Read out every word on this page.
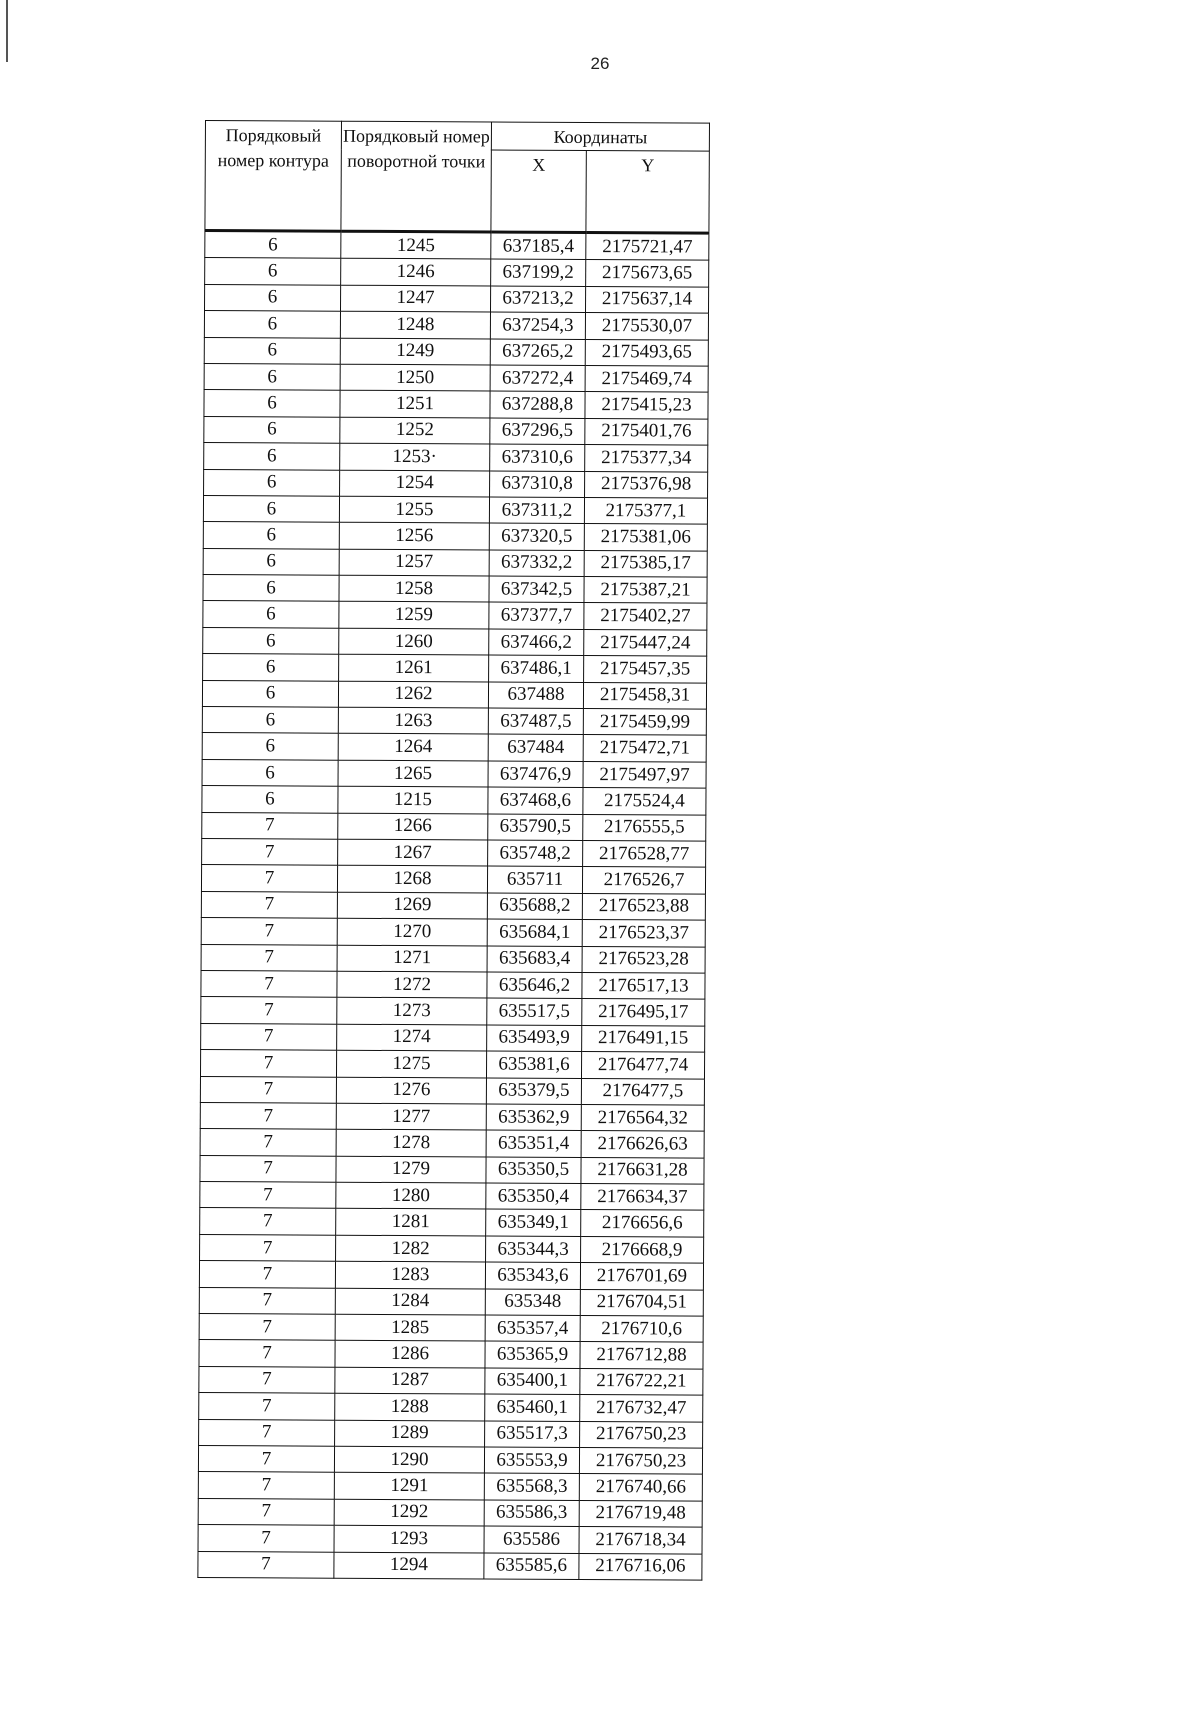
26
Порядковый номер контура	Порядковый номер поворотной точки	Координаты	
		X	Y
6	1245	637185,4	2175721,47
6	1246	637199,2	2175673,65
6	1247	637213,2	2175637,14
6	1248	637254,3	2175530,07
6	1249	637265,2	2175493,65
6	1250	637272,4	2175469,74
6	1251	637288,8	2175415,23
6	1252	637296,5	2175401,76
6	1253·	637310,6	2175377,34
6	1254	637310,8	2175376,98
6	1255	637311,2	2175377,1
6	1256	637320,5	2175381,06
6	1257	637332,2	2175385,17
6	1258	637342,5	2175387,21
6	1259	637377,7	2175402,27
6	1260	637466,2	2175447,24
6	1261	637486,1	2175457,35
6	1262	637488	2175458,31
6	1263	637487,5	2175459,99
6	1264	637484	2175472,71
6	1265	637476,9	2175497,97
6	1215	637468,6	2175524,4
7	1266	635790,5	2176555,5
7	1267	635748,2	2176528,77
7	1268	635711	2176526,7
7	1269	635688,2	2176523,88
7	1270	635684,1	2176523,37
7	1271	635683,4	2176523,28
7	1272	635646,2	2176517,13
7	1273	635517,5	2176495,17
7	1274	635493,9	2176491,15
7	1275	635381,6	2176477,74
7	1276	635379,5	2176477,5
7	1277	635362,9	2176564,32
7	1278	635351,4	2176626,63
7	1279	635350,5	2176631,28
7	1280	635350,4	2176634,37
7	1281	635349,1	2176656,6
7	1282	635344,3	2176668,9
7	1283	635343,6	2176701,69
7	1284	635348	2176704,51
7	1285	635357,4	2176710,6
7	1286	635365,9	2176712,88
7	1287	635400,1	2176722,21
7	1288	635460,1	2176732,47
7	1289	635517,3	2176750,23
7	1290	635553,9	2176750,23
7	1291	635568,3	2176740,66
7	1292	635586,3	2176719,48
7	1293	635586	2176718,34
7	1294	635585,6	2176716,06
